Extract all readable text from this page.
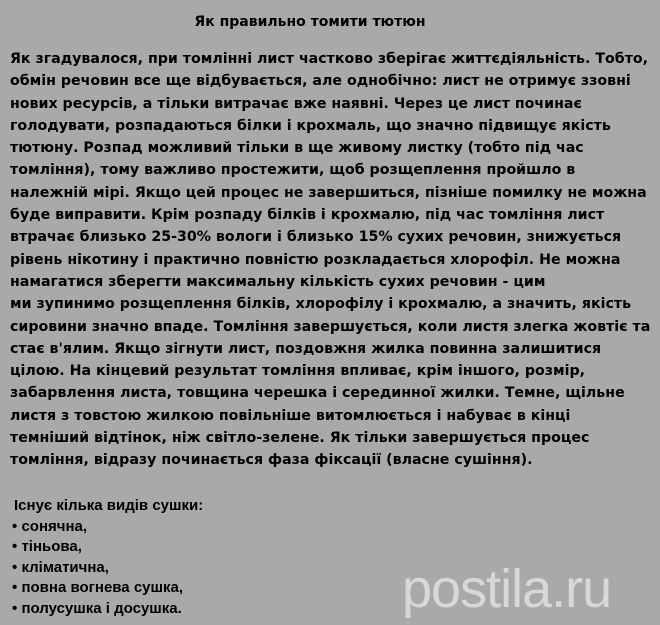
Як правильно томити тютюн
Як згадувалося, при томлінні лист частково зберігає життєдіяльність. Тобто,
обмін речовин все ще відбувається, але однобічно: лист не отримує ззовні
нових ресурсів, а тільки витрачає вже наявні. Через це лист починає
голодувати, розпадаються білки і крохмаль, що значно підвищує якість
тютюну. Розпад можливий тільки в ще живому листку (тобто під час
томління), тому важливо простежити, щоб розщеплення пройшло в
належній мірі. Якщо цей процес не завершиться, пізніше помилку не можна
буде виправити. Крім розпаду білків і крохмалю, під час томління лист
втрачає близько 25-30% вологи і близько 15% сухих речовин, знижується
рівень нікотину і практично повністю розкладається хлорофіл. Не можна
намагатися зберегти максимальну кількість сухих речовин - цим
ми зупинимо розщеплення білків, хлорофілу і крохмалю, а значить, якість
сировини значно впаде. Томління завершується, коли листя злегка жовтіє та
стає в'ялим. Якщо зігнути лист, поздовжня жилка повинна залишитися
цілою. На кінцевий результат томління впливає, крім іншого, розмір,
забарвлення листа, товщина черешка і серединної жилки. Темне, щільне
листя з товстою жилкою повільніше витомлюється і набуває в кінці
темніший відтінок, ніж світло-зелене. Як тільки завершується процес
томління, відразу починається фаза фіксації (власне сушіння).
Існує кілька видів сушки:
• сонячна,
• тіньова,
• кліматична,
• повна вогнева сушка,
• полусушка і досушка.	postila.ru
